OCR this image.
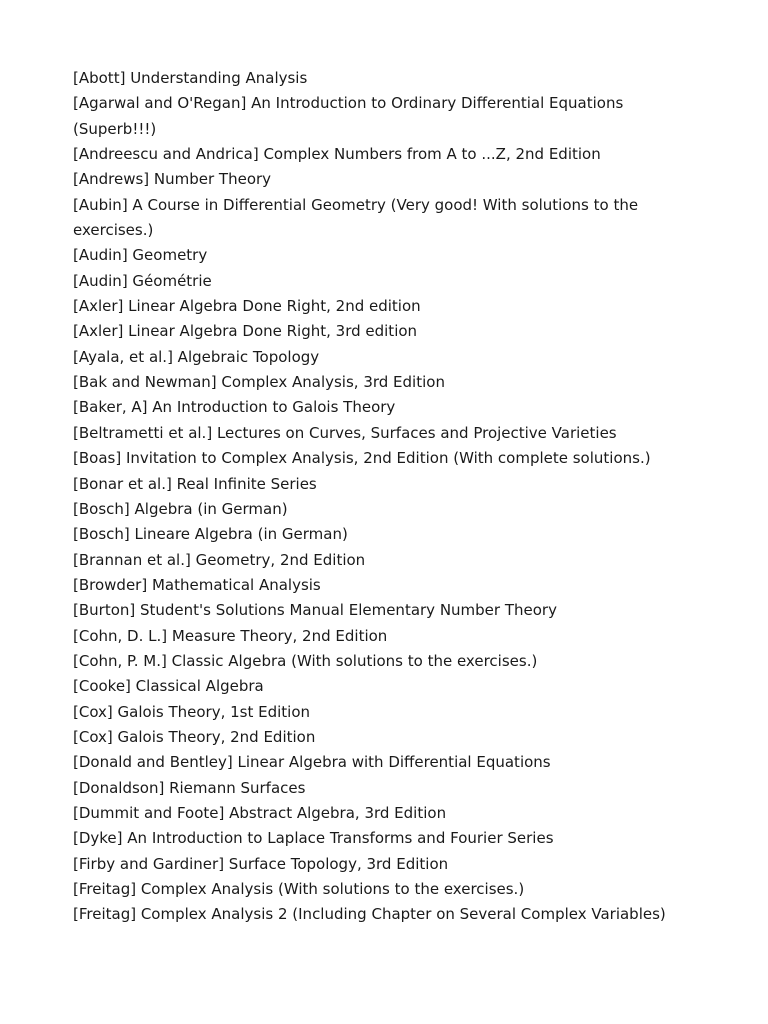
[Abott] Understanding Analysis
[Agarwal and O'Regan] An Introduction to Ordinary Differential Equations (Superb!!!)
[Andreescu and Andrica] Complex Numbers from A to ...Z, 2nd Edition
[Andrews] Number Theory
[Aubin] A Course in Differential Geometry (Very good! With solutions to the exercises.)
[Audin] Geometry
[Audin] Géométrie
[Axler] Linear Algebra Done Right, 2nd edition
[Axler] Linear Algebra Done Right, 3rd edition
[Ayala, et al.] Algebraic Topology
[Bak and Newman] Complex Analysis, 3rd Edition
[Baker, A] An Introduction to Galois Theory
[Beltrametti et al.] Lectures on Curves, Surfaces and Projective Varieties
[Boas] Invitation to Complex Analysis, 2nd Edition (With complete solutions.)
[Bonar et al.] Real Infinite Series
[Bosch] Algebra (in German)
[Bosch] Lineare Algebra (in German)
[Brannan et al.] Geometry, 2nd Edition
[Browder] Mathematical Analysis
[Burton] Student's Solutions Manual Elementary Number Theory
[Cohn, D. L.] Measure Theory, 2nd Edition
[Cohn, P. M.] Classic Algebra (With solutions to the exercises.)
[Cooke] Classical Algebra
[Cox] Galois Theory, 1st Edition
[Cox] Galois Theory, 2nd Edition
[Donald and Bentley] Linear Algebra with Differential Equations
[Donaldson] Riemann Surfaces
[Dummit and Foote] Abstract Algebra, 3rd Edition
[Dyke] An Introduction to Laplace Transforms and Fourier Series
[Firby and Gardiner] Surface Topology, 3rd Edition
[Freitag] Complex Analysis (With solutions to the exercises.)
[Freitag] Complex Analysis 2 (Including Chapter on Several Complex Variables)
